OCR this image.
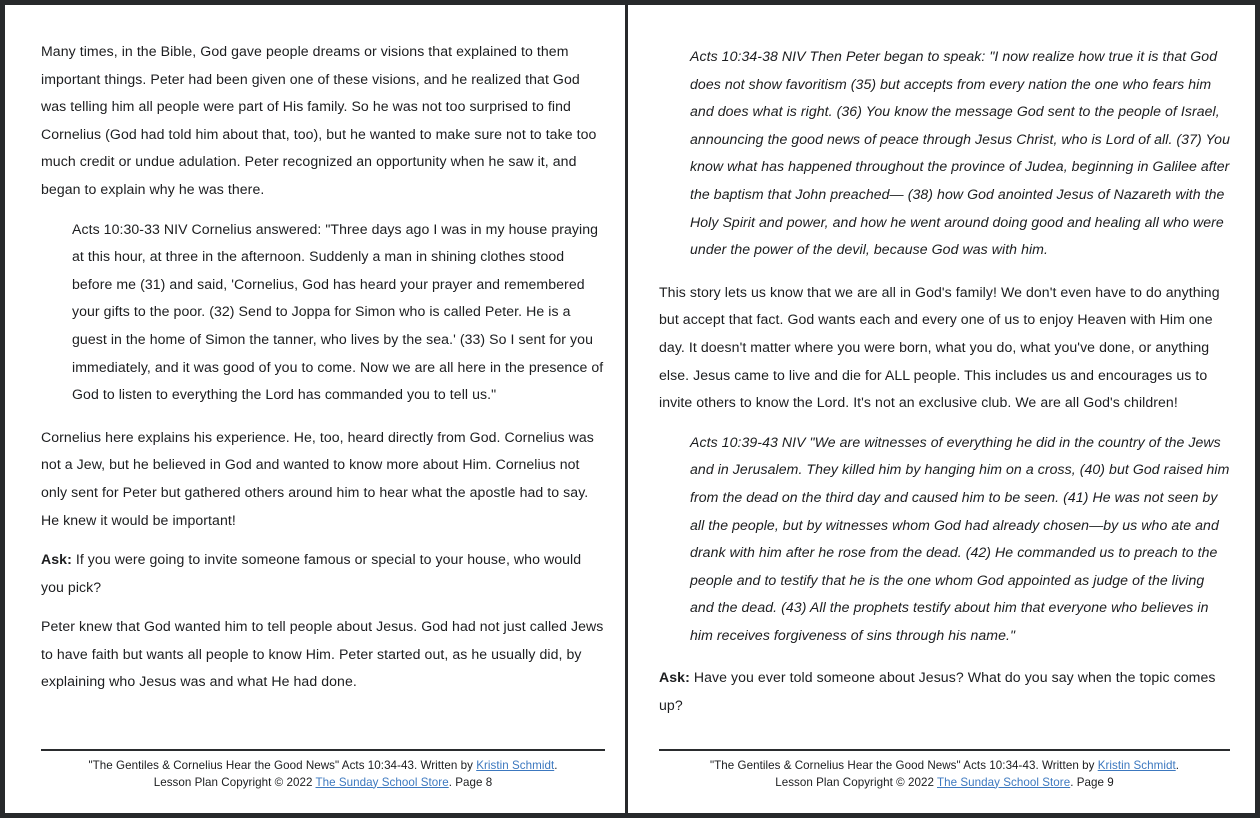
Many times, in the Bible, God gave people dreams or visions that explained to them important things. Peter had been given one of these visions, and he realized that God was telling him all people were part of His family. So he was not too surprised to find Cornelius (God had told him about that, too), but he wanted to make sure not to take too much credit or undue adulation. Peter recognized an opportunity when he saw it, and began to explain why he was there.

Acts 10:30-33 NIV Cornelius answered: "Three days ago I was in my house praying at this hour, at three in the afternoon. Suddenly a man in shining clothes stood before me (31) and said, 'Cornelius, God has heard your prayer and remembered your gifts to the poor. (32) Send to Joppa for Simon who is called Peter. He is a guest in the home of Simon the tanner, who lives by the sea.' (33) So I sent for you immediately, and it was good of you to come. Now we are all here in the presence of God to listen to everything the Lord has commanded you to tell us."

Cornelius here explains his experience. He, too, heard directly from God. Cornelius was not a Jew, but he believed in God and wanted to know more about Him. Cornelius not only sent for Peter but gathered others around him to hear what the apostle had to say. He knew it would be important!

Ask: If you were going to invite someone famous or special to your house, who would you pick?

Peter knew that God wanted him to tell people about Jesus. God had not just called Jews to have faith but wants all people to know Him. Peter started out, as he usually did, by explaining who Jesus was and what He had done.

"The Gentiles & Cornelius Hear the Good News" Acts 10:34-43. Written by Kristin Schmidt.

Lesson Plan Copyright © 2022 The Sunday School Store. Page 8

Acts 10:34-38 NIV Then Peter began to speak: "I now realize how true it is that God does not show favoritism (35) but accepts from every nation the one who fears him and does what is right. (36) You know the message God sent to the people of Israel, announcing the good news of peace through Jesus Christ, who is Lord of all. (37) You know what has happened throughout the province of Judea, beginning in Galilee after the baptism that John preached— (38) how God anointed Jesus of Nazareth with the Holy Spirit and power, and how he went around doing good and healing all who were under the power of the devil, because God was with him.

This story lets us know that we are all in God's family! We don't even have to do anything but accept that fact. God wants each and every one of us to enjoy Heaven with Him one day. It doesn't matter where you were born, what you do, what you've done, or anything else. Jesus came to live and die for ALL people. This includes us and encourages us to invite others to know the Lord. It's not an exclusive club. We are all God's children!

Acts 10:39-43 NIV "We are witnesses of everything he did in the country of the Jews and in Jerusalem. They killed him by hanging him on a cross, (40) but God raised him from the dead on the third day and caused him to be seen. (41) He was not seen by all the people, but by witnesses whom God had already chosen—by us who ate and drank with him after he rose from the dead. (42) He commanded us to preach to the people and to testify that he is the one whom God appointed as judge of the living and the dead. (43) All the prophets testify about him that everyone who believes in him receives forgiveness of sins through his name."

Ask: Have you ever told someone about Jesus? What do you say when the topic comes up?

"The Gentiles & Cornelius Hear the Good News" Acts 10:34-43. Written by Kristin Schmidt.

Lesson Plan Copyright © 2022 The Sunday School Store. Page 9
